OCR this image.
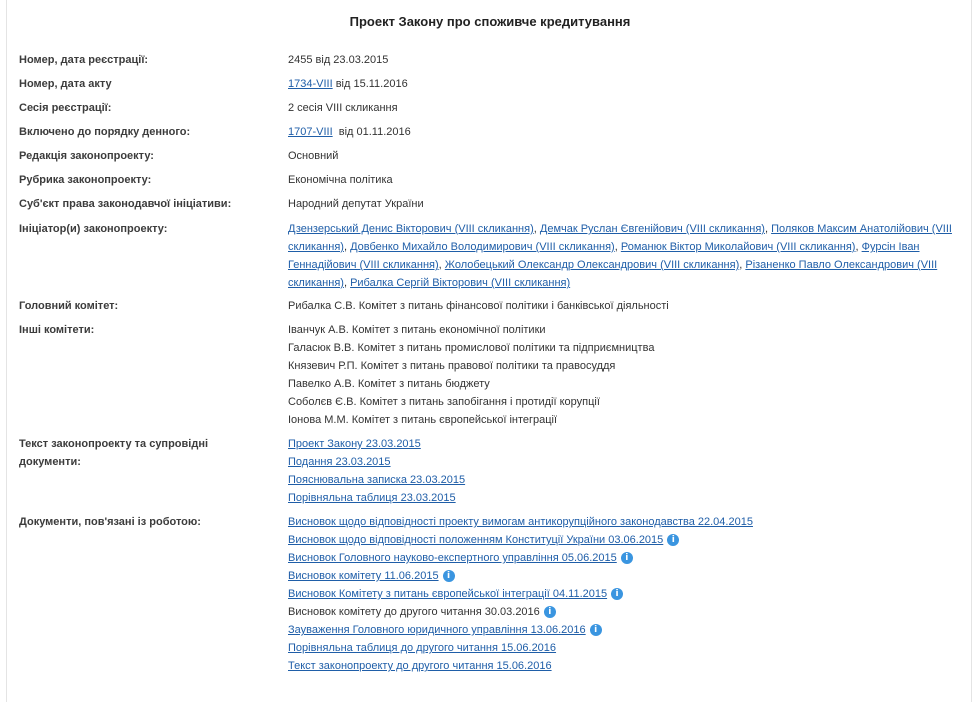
Проект Закону про споживче кредитування
Номер, дата реєстрації:	2455 від 23.03.2015
Номер, дата акту	1734-VIII від 15.11.2016
Сесія реєстрації:	2 сесія VIII скликання
Включено до порядку денного:	1707-VIII  від 01.11.2016
Редакція законопроекту:	Основний
Рубрика законопроекту:	Економічна політика
Суб'єкт права законодавчої ініціативи:	Народний депутат України
Ініціатор(и) законопроекту:	Дзензерський Денис Вікторович (VIII скликання), Демчак Руслан Євгенійович (VIII скликання), Поляков Максим Анатолійович (VIII скликання), Довбенко Михайло Володимирович (VIII скликання), Романюк Віктор Миколайович (VIII скликання), Фурсін Іван Геннадійович (VIII скликання), Жолобецький Олександр Олександрович (VIII скликання), Різаненко Павло Олександрович (VIII скликання), Рибалка Сергій Вікторович (VIII скликання)
Головний комітет:	Рибалка С.В. Комітет з питань фінансової політики і банківської діяльності
Інші комітети:	Іванчук А.В. Комітет з питань економічної політики
Галасюк В.В. Комітет з питань промислової політики та підприємництва
Князевич Р.П. Комітет з питань правової політики та правосуддя
Павелко А.В. Комітет з питань бюджету
Соболєв Є.В. Комітет з питань запобігання і протидії корупції
Іонова М.М. Комітет з питань європейської інтеграції
Текст законопроекту та супровідні
документи:
Проект Закону 23.03.2015
Подання 23.03.2015
Пояснювальна записка 23.03.2015
Порівняльна таблиця 23.03.2015
Документи, пов'язані із роботою:	Висновок щодо відповідності проекту вимогам антикорупційного законодавства 22.04.2015
Висновок щодо відповідності положенням Конституції України 03.06.2015 i
Висновок Головного науково-експертного управління 05.06.2015 i
Висновок комітету 11.06.2015 i
Висновок Комітету з питань європейської інтеграції 04.11.2015 i
Висновок комітету до другого читання 30.03.2016 i
Зауваження Головного юридичного управління 13.06.2016 i
Порівняльна таблиця до другого читання 15.06.2016
Текст законопроекту до другого читання 15.06.2016
